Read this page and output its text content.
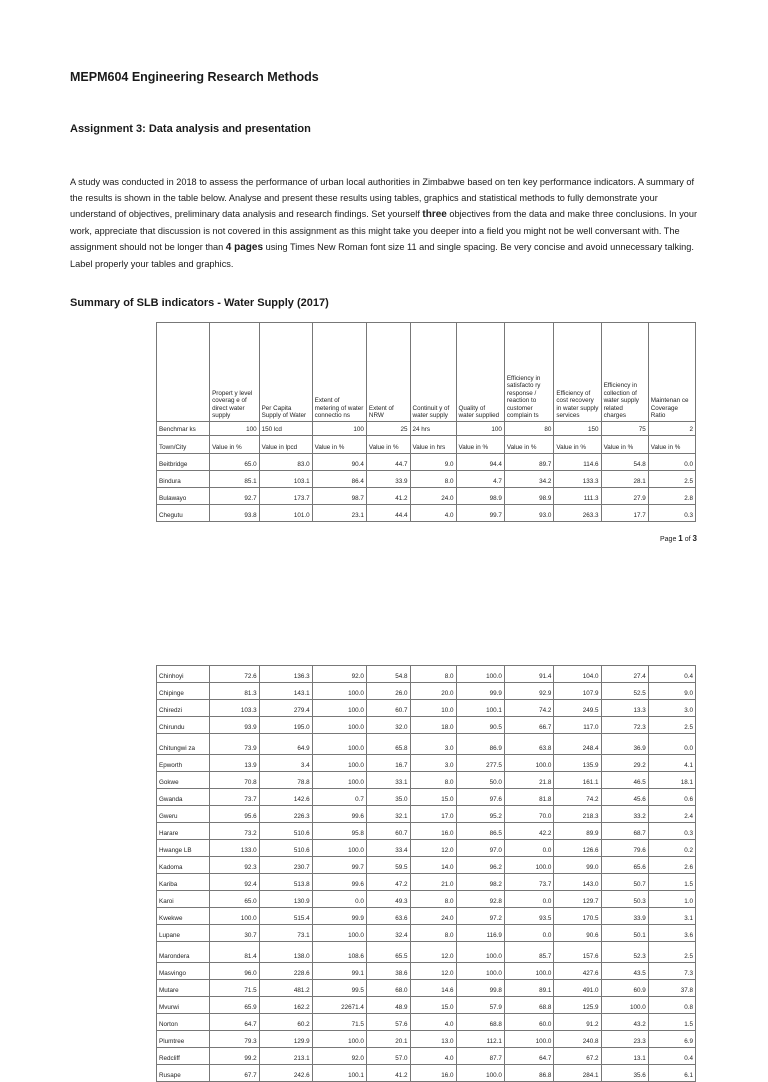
MEPM604 Engineering Research Methods

Assignment 3: Data analysis and presentation

A study was conducted in 2018 to assess the performance of urban local authorities in Zimbabwe based on ten key performance indicators. A summary of the results is shown in the table below. Analyse and present these results using tables, graphics and statistical methods to fully demonstrate your understand of objectives, preliminary data analysis and research findings. Set yourself three objectives from the data and make three conclusions. In your work, appreciate that discussion is not covered in this assignment as this might take you deeper into a field you might not be well conversant with. The assignment should not be longer than 4 pages using Times New Roman font size 11 and single spacing. Be very concise and avoid unnecessary talking. Label properly your tables and graphics.

Summary of SLB indicators - Water Supply (2017)

	Propert y level coverag e of direct water supply	Per Capita Supply of Water	Extent of metering of water connectio ns	Extent of NRW	Continuit y of water supply	Quality of water supplied	Efficiency in satisfacto ry response / reaction to customer complain ts	Efficiency of cost recovery in water supply services	Efficiency in collection of water supply related charges	Maintenan ce Coverage Ratio
Benchmar ks	100	150 lcd	100	25	24 hrs	100	80	150	75	2
Town/City	Value in %	Value in lpcd	Value in %	Value in %	Value in hrs	Value in %	Value in %	Value in %	Value in %	Value in %
Beitbridge	65.0	83.0	90.4	44.7	9.0	94.4	89.7	114.6	54.8	0.0
Bindura	85.1	103.1	86.4	33.9	8.0	4.7	34.2	133.3	28.1	2.5
Bulawayo	92.7	173.7	98.7	41.2	24.0	98.9	98.9	111.3	27.9	2.8
Chegutu	93.8	101.0	23.1	44.4	4.0	99.7	93.0	263.3	17.7	0.3
Page 1 of 3
Chinhoyi	72.6	136.3	92.0	54.8	8.0	100.0	91.4	104.0	27.4	0.4
Chipinge	81.3	143.1	100.0	26.0	20.0	99.9	92.9	107.9	52.5	9.0
Chiredzi	103.3	279.4	100.0	60.7	10.0	100.1	74.2	249.5	13.3	3.0
Chirundu	93.9	195.0	100.0	32.0	18.0	90.5	66.7	117.0	72.3	2.5
Chitungwi za	73.9	64.9	100.0	65.8	3.0	86.9	63.8	248.4	36.9	0.0
Epworth	13.9	3.4	100.0	16.7	3.0	277.5	100.0	135.9	29.2	4.1
Gokwe	70.8	78.8	100.0	33.1	8.0	50.0	21.8	161.1	46.5	18.1
Gwanda	73.7	142.6	0.7	35.0	15.0	97.6	81.8	74.2	45.6	0.6
Gweru	95.6	226.3	99.6	32.1	17.0	95.2	70.0	218.3	33.2	2.4
Harare	73.2	510.6	95.8	60.7	16.0	86.5	42.2	89.9	68.7	0.3
Hwange LB	133.0	510.6	100.0	33.4	12.0	97.0	0.0	126.6	79.6	0.2
Kadoma	92.3	230.7	99.7	59.5	14.0	96.2	100.0	99.0	65.6	2.6
Kariba	92.4	513.8	99.6	47.2	21.0	98.2	73.7	143.0	50.7	1.5
Karoi	65.0	130.9	0.0	49.3	8.0	92.8	0.0	129.7	50.3	1.0
Kwekwe	100.0	515.4	99.9	63.6	24.0	97.2	93.5	170.5	33.9	3.1
Lupane	30.7	73.1	100.0	32.4	8.0	116.9	0.0	90.6	50.1	3.6
Marondera	81.4	138.0	108.6	65.5	12.0	100.0	85.7	157.6	52.3	2.5
Masvingo	96.0	228.6	99.1	38.6	12.0	100.0	100.0	427.6	43.5	7.3
Mutare	71.5	481.2	99.5	68.0	14.6	99.8	89.1	491.0	60.9	37.8
Mvurwi	65.9	162.2	22671.4	48.9	15.0	57.9	68.8	125.9	100.0	0.8
Norton	64.7	60.2	71.5	57.6	4.0	68.8	60.0	91.2	43.2	1.5
Plumtree	79.3	129.9	100.0	20.1	13.0	112.1	100.0	240.8	23.3	6.9
Redcliff	99.2	213.1	92.0	57.0	4.0	87.7	64.7	67.2	13.1	0.4
Rusape	67.7	242.6	100.1	41.2	16.0	100.0	86.8	284.1	35.6	6.1
